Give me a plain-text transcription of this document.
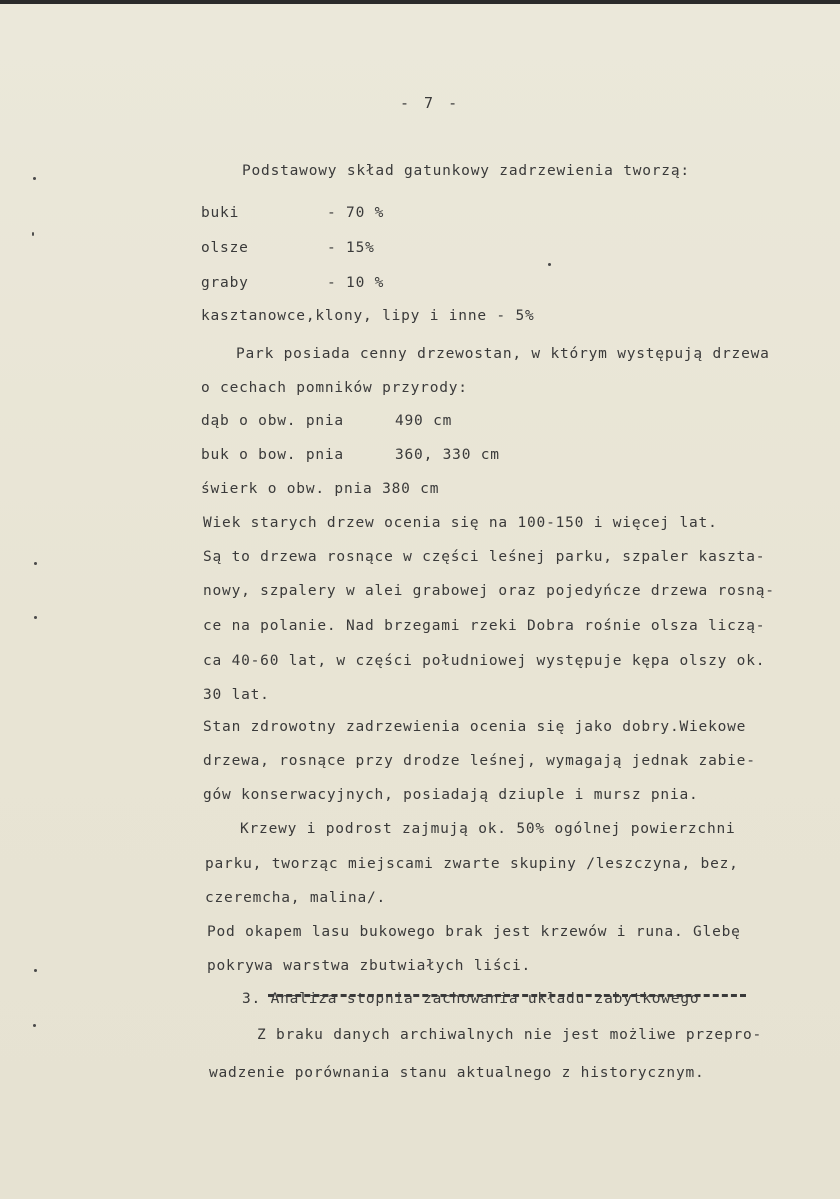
- 7 -
Podstawowy skład gatunkowy zadrzewienia tworzą:
buki	- 70 %
olsze	- 15%
graby	- 10 %
kasztanowce,klony, lipy i inne - 5%
Park posiada cenny drzewostan, w którym występują drzewa
o cechach pomników przyrody:
dąb o obw. pnia	490 cm
buk o bow. pnia	360, 330 cm
świerk o obw. pnia 380 cm
Wiek starych drzew ocenia się na 100-150 i więcej lat.
Są to drzewa rosnące w części leśnej parku, szpaler kaszta-
nowy, szpalery w alei grabowej oraz pojedyńcze drzewa rosną-
ce na polanie. Nad brzegami rzeki Dobra rośnie olsza liczą-
ca 40-60 lat, w części południowej występuje kępa olszy ok.
30 lat.
Stan zdrowotny zadrzewienia ocenia się jako dobry.Wiekowe
drzewa, rosnące przy drodze leśnej, wymagają jednak zabie-
gów konserwacyjnych, posiadają dziuple i mursz pnia.
Krzewy i podrost zajmują ok. 50% ogólnej powierzchni
parku, tworząc miejscami zwarte skupiny /leszczyna, bez,
czeremcha, malina/.
Pod okapem lasu bukowego brak jest krzewów i runa. Glebę
pokrywa warstwa zbutwiałych liści.
3. Analiza stopnia zachowania układu zabytkowego
Z braku danych archiwalnych nie jest możliwe przepro-
wadzenie porównania stanu aktualnego z historycznym.
